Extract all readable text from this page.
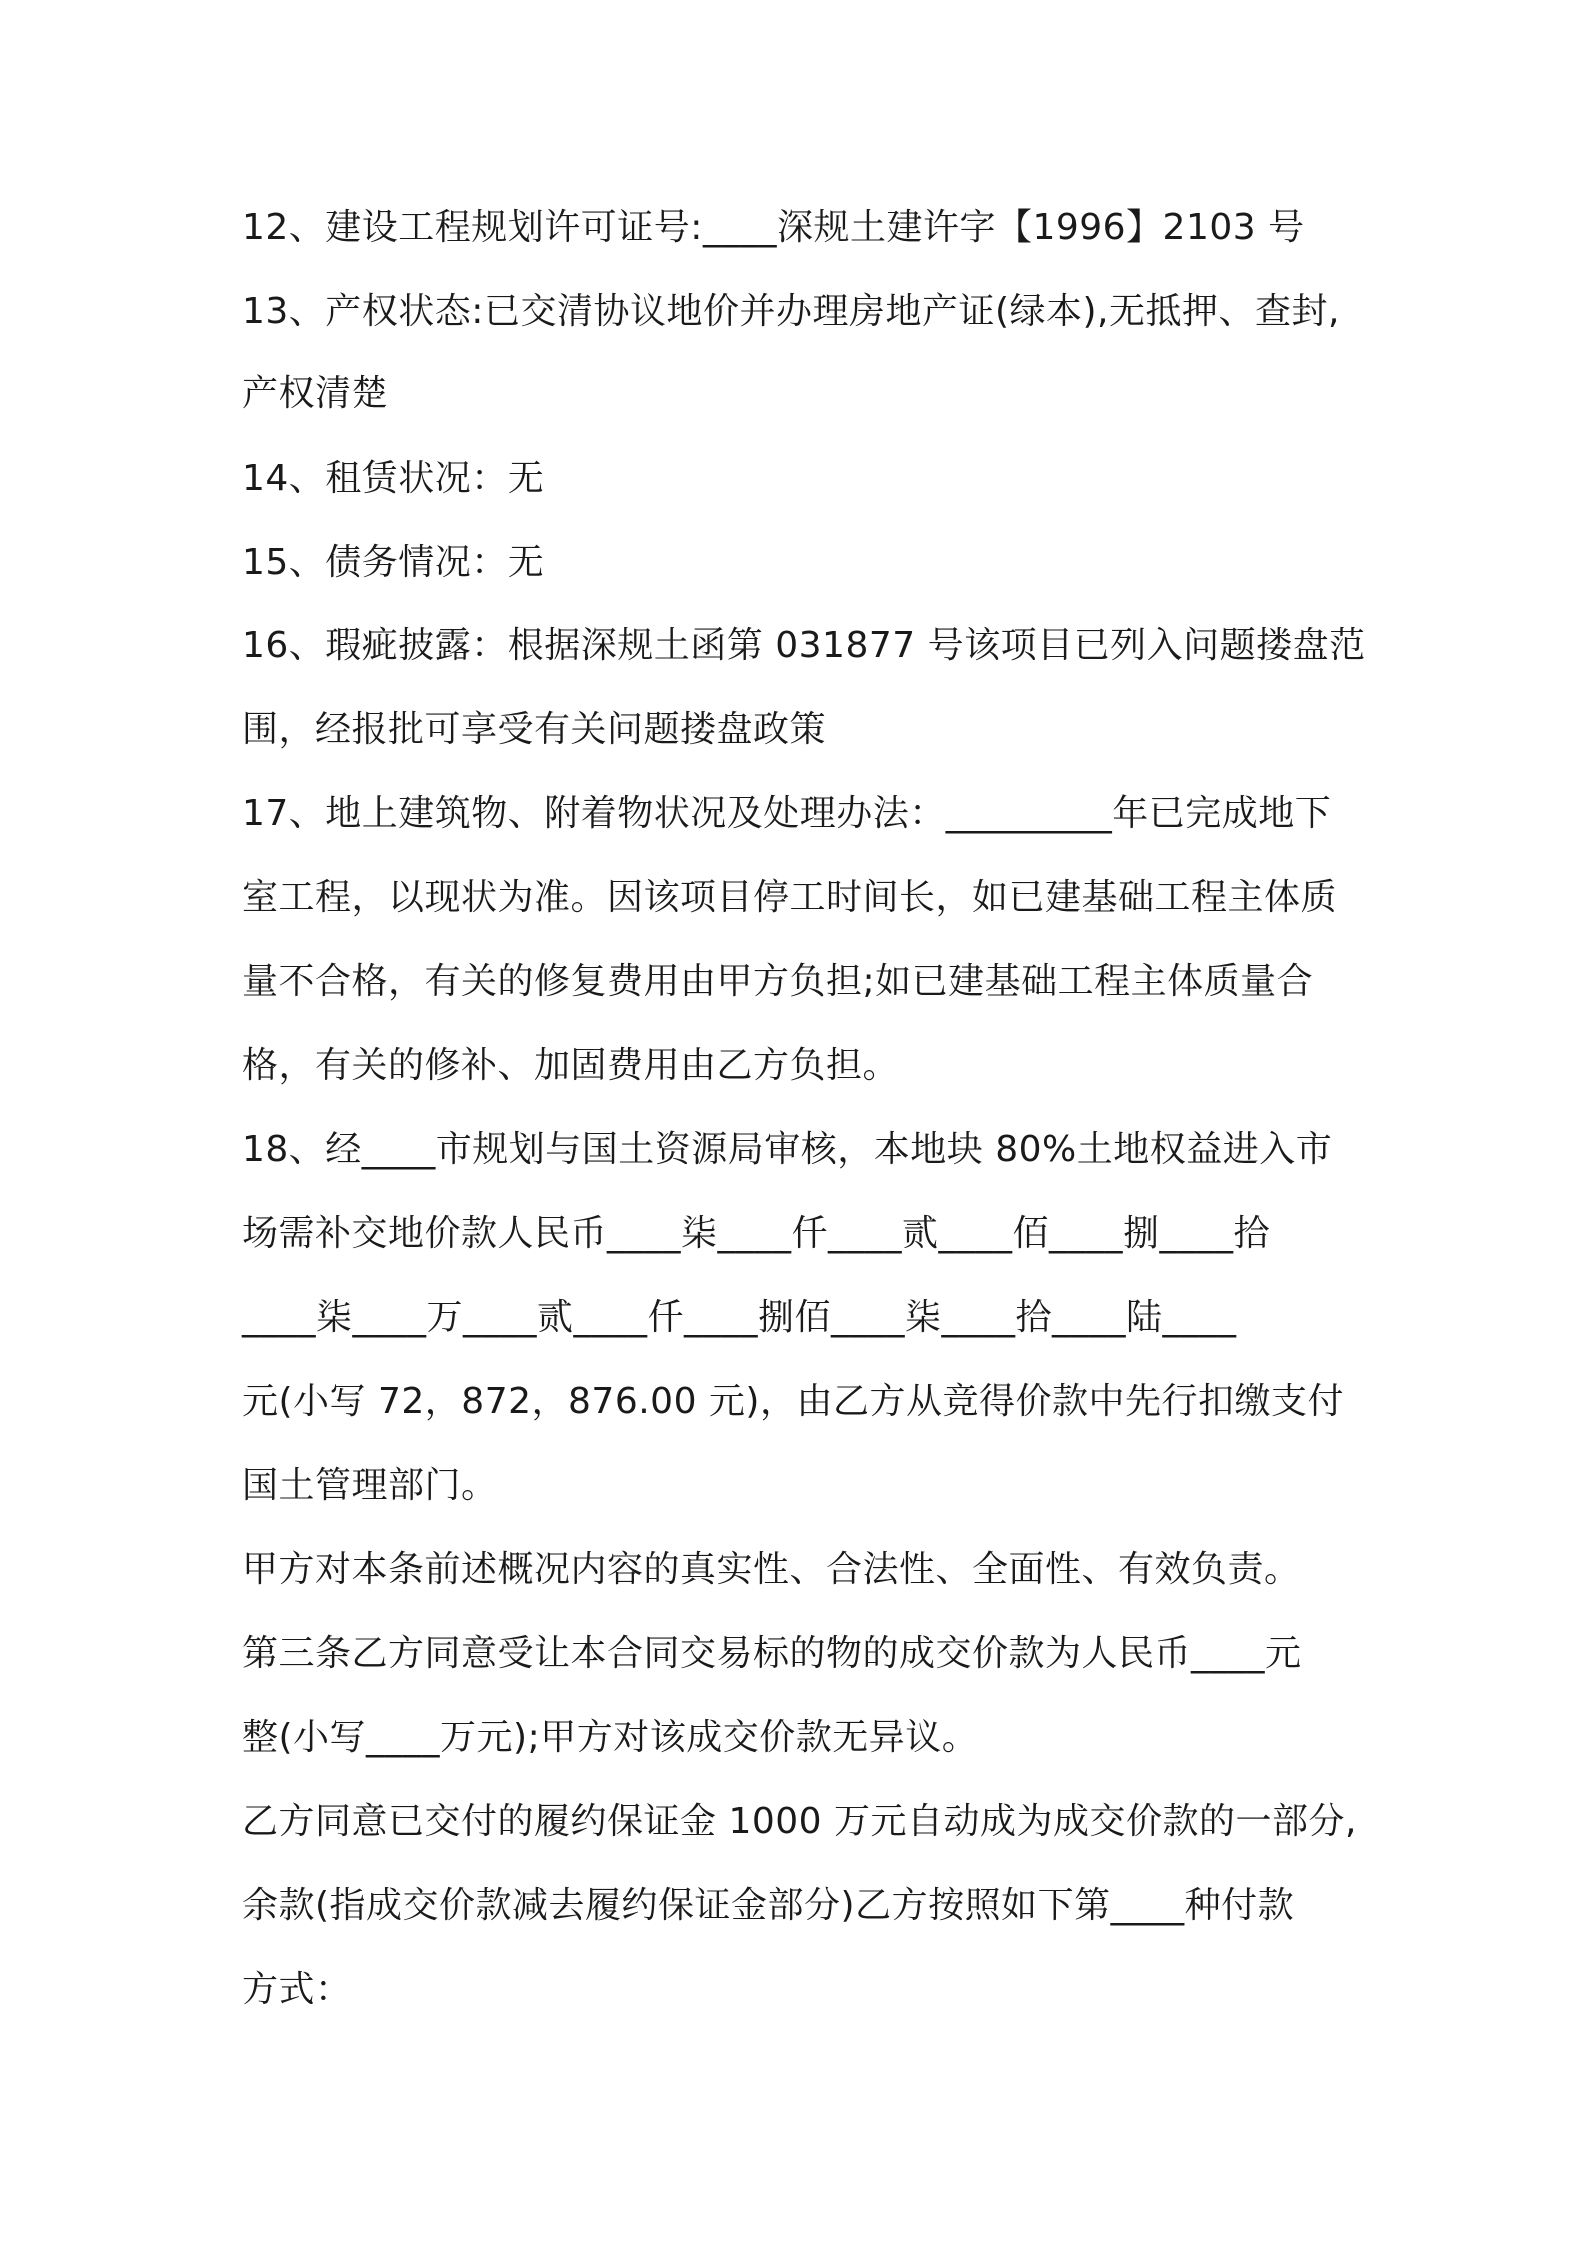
12、建设工程规划许可证号:____深规土建许字【1996】2103 号
13、产权状态:已交清协议地价并办理房地产证(绿本),无抵押、查封,
产权清楚
14、租赁状况：无
15、债务情况：无
16、瑕疵披露：根据深规土函第 031877 号该项目已列入问题搂盘范
围，经报批可享受有关问题搂盘政策
17、地上建筑物、附着物状况及处理办法：_________年已完成地下
室工程，以现状为准。因该项目停工时间长，如已建基础工程主体质
量不合格，有关的修复费用由甲方负担;如已建基础工程主体质量合
格，有关的修补、加固费用由乙方负担。
18、经____市规划与国土资源局审核，本地块 80%土地权益进入市
场需补交地价款人民币____柒____仟____贰____佰____捌____拾
____柒____万____贰____仟____捌佰____柒____拾____陆____
元(小写 72，872，876.00 元)，由乙方从竞得价款中先行扣缴支付
国土管理部门。
甲方对本条前述概况内容的真实性、合法性、全面性、有效负责。
第三条乙方同意受让本合同交易标的物的成交价款为人民币____元
整(小写____万元);甲方对该成交价款无异议。
乙方同意已交付的履约保证金 1000 万元自动成为成交价款的一部分,
余款(指成交价款减去履约保证金部分)乙方按照如下第____种付款
方式：
